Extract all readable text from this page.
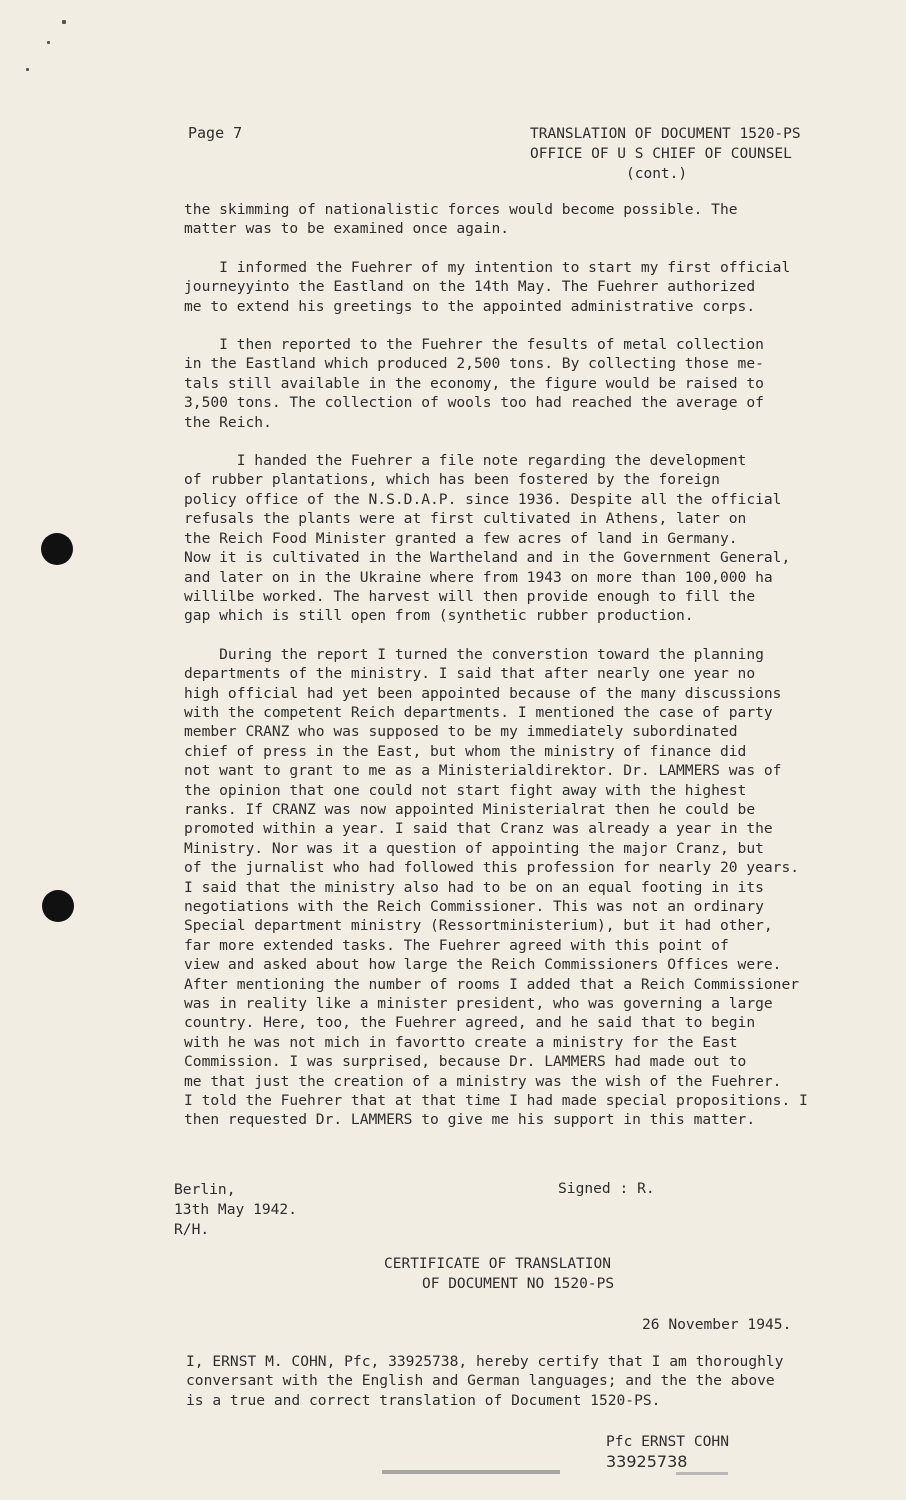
Page 7	TRANSLATION OF DOCUMENT 1520-PS
OFFICE OF U S CHIEF OF COUNSEL
(cont.)

the skimming of nationalistic forces would become possible. The
matter was to be examined once again.

I informed the Fuehrer of my intention to start my first official
journeyyinto the Eastland on the 14th May. The Fuehrer authorized
me to extend his greetings to the appointed administrative corps.

I then reported to the Fuehrer the fesults of metal collection
in the Eastland which produced 2,500 tons. By collecting those me-
tals still available in the economy, the figure would be raised to
3,500 tons. The collection of wools too had reached the average of
the Reich.

I handed the Fuehrer a file note regarding the development
of rubber plantations, which has been fostered by the foreign
policy office of the N.S.D.A.P. since 1936. Despite all the official
refusals the plants were at first cultivated in Athens, later on
the Reich Food Minister granted a few acres of land in Germany.
Now it is cultivated in the Wartheland and in the Government General,
and later on in the Ukraine where from 1943 on more than 100,000 ha
willilbe worked. The harvest will then provide enough to fill the
gap which is still open from (synthetic rubber production.

During the report I turned the converstion toward the planning
departments of the ministry. I said that after nearly one year no
high official had yet been appointed because of the many discussions
with the competent Reich departments. I mentioned the case of party
member CRANZ who was supposed to be my immediately subordinated
chief of press in the East, but whom the ministry of finance did
not want to grant to me as a Ministerialdirektor. Dr. LAMMERS was of
the opinion that one could not start fight away with the highest
ranks. If CRANZ was now appointed Ministerialrat then he could be
promoted within a year. I said that Cranz was already a year in the
Ministry. Nor was it a question of appointing the major Cranz, but
of the jurnalist who had followed this profession for nearly 20 years.
I said that the ministry also had to be on an equal footing in its
negotiations with the Reich Commissioner. This was not an ordinary
Special department ministry (Ressortministerium), but it had other,
far more extended tasks. The Fuehrer agreed with this point of
view and asked about how large the Reich Commissioners Offices were.
After mentioning the number of rooms I added that a Reich Commissioner
was in reality like a minister president, who was governing a large
country. Here, too, the Fuehrer agreed, and he said that to begin
with he was not mich in favortto create a ministry for the East
Commission. I was surprised, because Dr. LAMMERS had made out to
me that just the creation of a ministry was the wish of the Fuehrer.
I told the Fuehrer that at that time I had made special propositions. I
then requested Dr. LAMMERS to give me his support in this matter.

Berlin,
13th May 1942.
R/H.
Signed : R.
CERTIFICATE OF TRANSLATION
OF DOCUMENT NO 1520-PS
26 November 1945.
I, ERNST M. COHN, Pfc, 33925738, hereby certify that I am thoroughly
conversant with the English and German languages; and the the above
is a true and correct translation of Document 1520-PS.
Pfc ERNST COHN
33925738
